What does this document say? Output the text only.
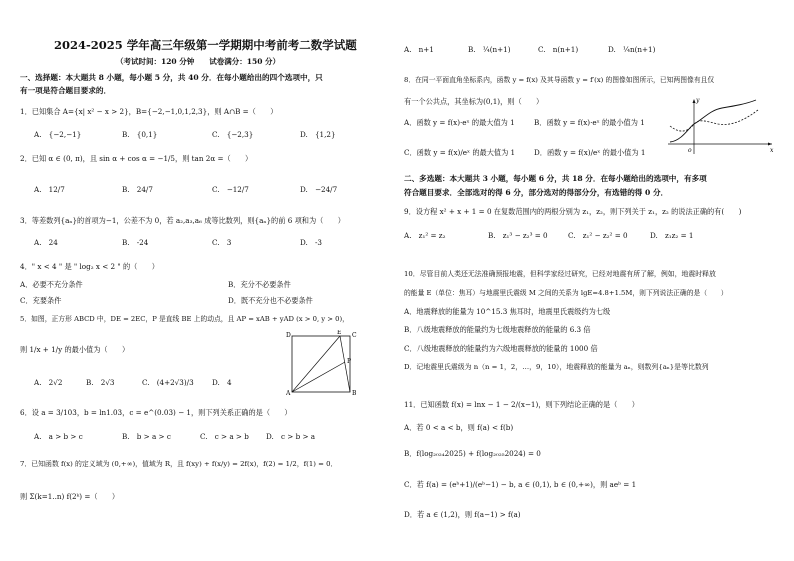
2024-2025 学年高三年级第一学期期中考前考二数学试题
（考试时间：120 分钟　　试卷满分：150 分）
一、选择题：本大题共 8 小题，每小题 5 分，共 40 分．在每小题给出的四个选项中，只
有一项是符合题目要求的．
1．已知集合 A={x| x² − x > 2}，B={−2,−1,0,1,2,3}，则 A∩B =（　　）
A.　{−2,−1}	B.　{0,1}	C.　{−2,3}	D.　{1,2}
2．已知 α ∈ (0, π)，且 sin α + cos α = −1/5，则 tan 2α =（　　）
A.　12/7	B.　24/7	C.　−12/7	D.　−24/7
3．等差数列{aₙ}的首项为−1，公差不为 0，若 a₂,a₃,a₆ 成等比数列，则{aₙ}的前 6 项和为（　　）
A.　24	B.　-24	C.　3	D.　-3
4．" x < 4 " 是 " log₂ x < 2 " 的（　　）
A．必要不充分条件	B．充分不必要条件
C．充要条件	D．既不充分也不必要条件
5．如图，正方形 ABCD 中，DE = 2EC，P 是直线 BE 上的动点，且 AP = xAB + yAD (x > 0, y > 0)，
则 1/x + 1/y 的最小值为（　　）
D	E C
P
A	B
A.　2√2	B.　2√3	C.　(4+2√3)/3	D.　4
6．设 a = 3/103，b = ln1.03，c = e^(0.03) − 1，则下列关系正确的是（　　）
A.　a > b > c	B.　b > a > c	C.　c > a > b D.　c > b > a
7．已知函数 f(x) 的定义域为 (0,+∞)，值域为 R，且 f(xy) + f(x/y) = 2f(x)，f(2) = 1/2，f(1) = 0．
则 Σ(k=1..n) f(2ᵏ) =（　　）
A.　n+1	B.　¼(n+1)	C.　n(n+1)	D.　¼n(n+1)
8．在同一平面直角坐标系内，函数 y = f(x) 及其导函数 y = f′(x) 的图像如图所示，已知两图像有且仅
有一个公共点，其坐标为(0,1)，则（　　）
A．函数 y = f(x)·eˣ 的最大值为 1	B．函数 y = f(x)·eˣ 的最小值为 1
C．函数 y = f(x)/eˣ 的最大值为 1	D．函数 y = f(x)/eˣ 的最小值为 1
y
x
o
二、多选题：本大题共 3 小题，每小题 6 分，共 18 分．在每小题给出的选项中，有多项
符合题目要求．全部选对的得 6 分，部分选对的得部分分，有选错的得 0 分．
9．设方程 x² + x + 1 = 0 在复数范围内的两根分别为 z₁，z₂，则下列关于 z₁，z₂ 的说法正确的有(　　)
A.　z₁² = z₂	B.　z₁³ − z₂³ = 0	C.　z₁² − z₂² = 0	D.　z₁z₂ = 1
10．尽管目前人类还无法准确预报地震，但科学家经过研究，已经对地震有所了解，例如，地震时释放
的能量 E（单位：焦耳）与地震里氏震级 M 之间的关系为 lgE=4.8+1.5M，则下列说法正确的是（　　）
A．地震释放的能量为 10^15.3 焦耳时，地震里氏震级约为七级
B．八级地震释放的能量约为七级地震释放的能量的 6.3 倍
C．八级地震释放的能量约为六级地震释放的能量的 1000 倍
D．记地震里氏震级为 n（n = 1，2，…，9，10），地震释放的能量为 aₙ，则数列{aₙ}是等比数列
11．已知函数 f(x) = lnx − 1 − 2/(x−1)，则下列结论正确的是（　　）
A．若 0 < a < b，则 f(a) < f(b)
B．f(log₂₀₂₄2025) + f(log₂₀₂₅2024) = 0
C．若 f(a) = (eᵇ+1)/(eᵇ−1) − b, a ∈ (0,1), b ∈ (0,+∞)，则 aeᵇ = 1
D．若 a ∈ (1,2)，则 f(a−1) > f(a)
